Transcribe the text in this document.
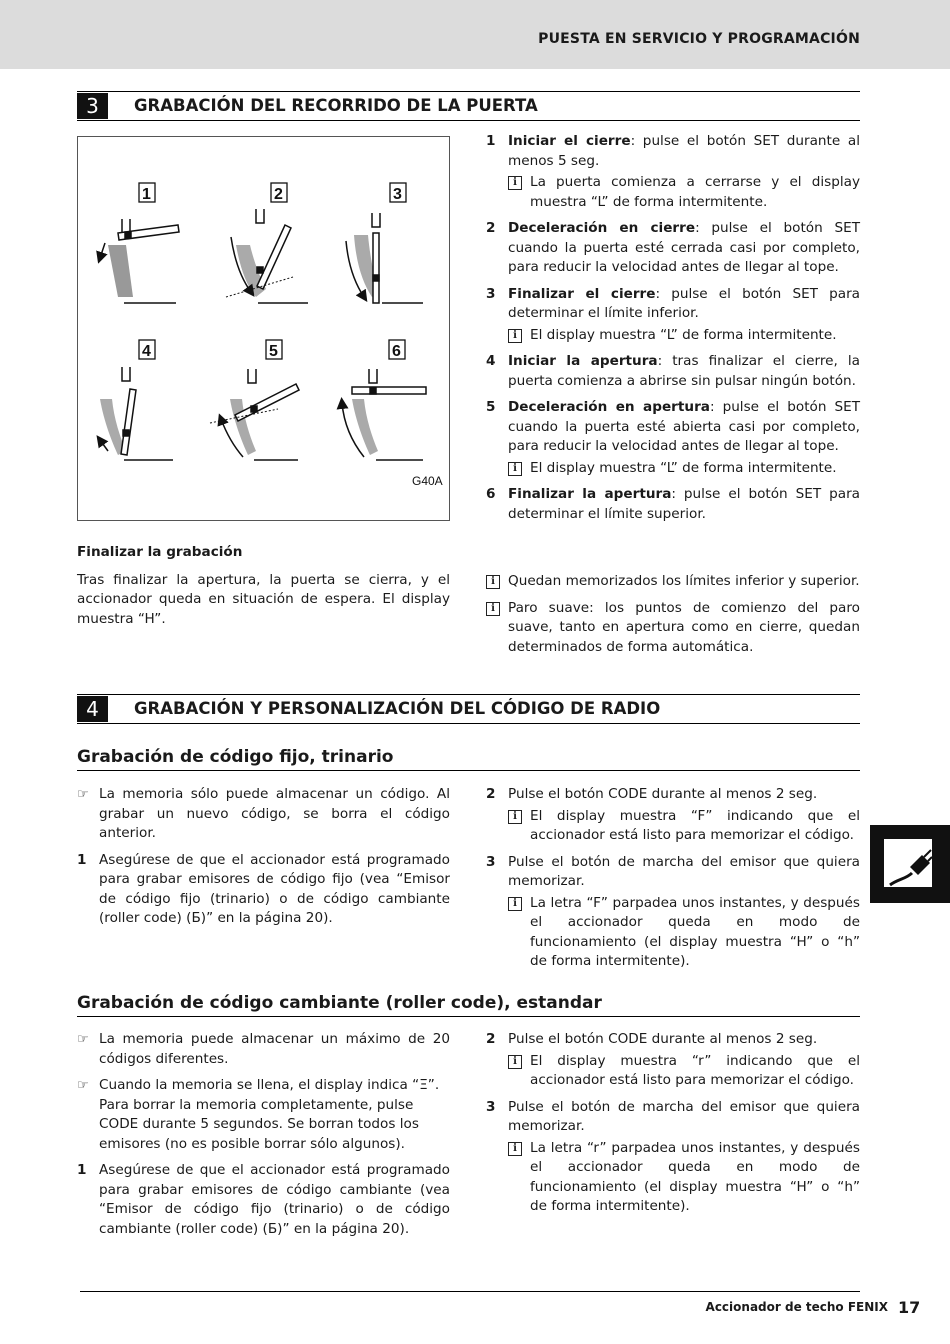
PUESTA EN SERVICIO Y PROGRAMACIÓN
3	GRABACIÓN DEL RECORRIDO DE LA PUERTA
1	2	3
4	5	6
G40A
1 Iniciar el cierre: pulse el botón SET durante al menos 5 seg.
i La puerta comienza a cerrarse y el display muestra “L” de forma intermitente.
2 Deceleración en cierre: pulse el botón SET cuando la puerta esté cerrada casi por completo, para reducir la velocidad antes de llegar al tope.
3 Finalizar el cierre: pulse el botón SET para determinar el límite inferior.
i El display muestra “L” de forma intermitente.
4 Iniciar la apertura: tras finalizar el cierre, la puerta comienza a abrirse sin pulsar ningún botón.
5 Deceleración en apertura: pulse el botón SET cuando la puerta esté abierta casi por completo, para reducir la velocidad antes de llegar al tope.
i El display muestra “L” de forma intermitente.
6 Finalizar la apertura: pulse el botón SET para determinar el límite superior.
Finalizar la grabación
Tras finalizar la apertura, la puerta se cierra, y el accionador queda en situación de espera. El display muestra “H”.
i Quedan memorizados los límites inferior y superior.
i Paro suave: los puntos de comienzo del paro suave, tanto en apertura como en cierre, quedan determinados de forma automática.
4	GRABACIÓN Y PERSONALIZACIÓN DEL CÓDIGO DE RADIO
Grabación de código fijo, trinario
☞ La memoria sólo puede almacenar un código. Al grabar un nuevo código, se borra el código anterior.
1 Asegúrese de que el accionador está programado para grabar emisores de código fijo (vea “Emisor de código fijo (trinario) o de código cambiante (roller code) (Б)” en la página 20).
2 Pulse el botón CODE durante al menos 2 seg.
i El display muestra “F” indicando que el accionador está listo para memorizar el código.
3 Pulse el botón de marcha del emisor que quiera memorizar.
i La letra “F” parpadea unos instantes, y después el accionador queda en modo de funcionamiento (el display muestra “H” o “h” de forma intermitente).
Grabación de código cambiante (roller code), estandar
☞ La memoria puede almacenar un máximo de 20 códigos diferentes.
☞ Cuando la memoria se llena, el display indica “Ξ”. Para borrar la memoria completamente, pulse CODE durante 5 segundos. Se borran todos los emisores (no es posible borrar sólo algunos).
1 Asegúrese de que el accionador está programado para grabar emisores de código cambiante (vea “Emisor de código fijo (trinario) o de código cambiante (roller code) (Б)” en la página 20).
2 Pulse el botón CODE durante al menos 2 seg.
i El display muestra “r” indicando que el accionador está listo para memorizar el código.
3 Pulse el botón de marcha del emisor que quiera memorizar.
i La letra “r” parpadea unos instantes, y después el accionador queda en modo de funcionamiento (el display muestra “H” o “h” de forma intermitente).
Accionador de techo FENIX 17
